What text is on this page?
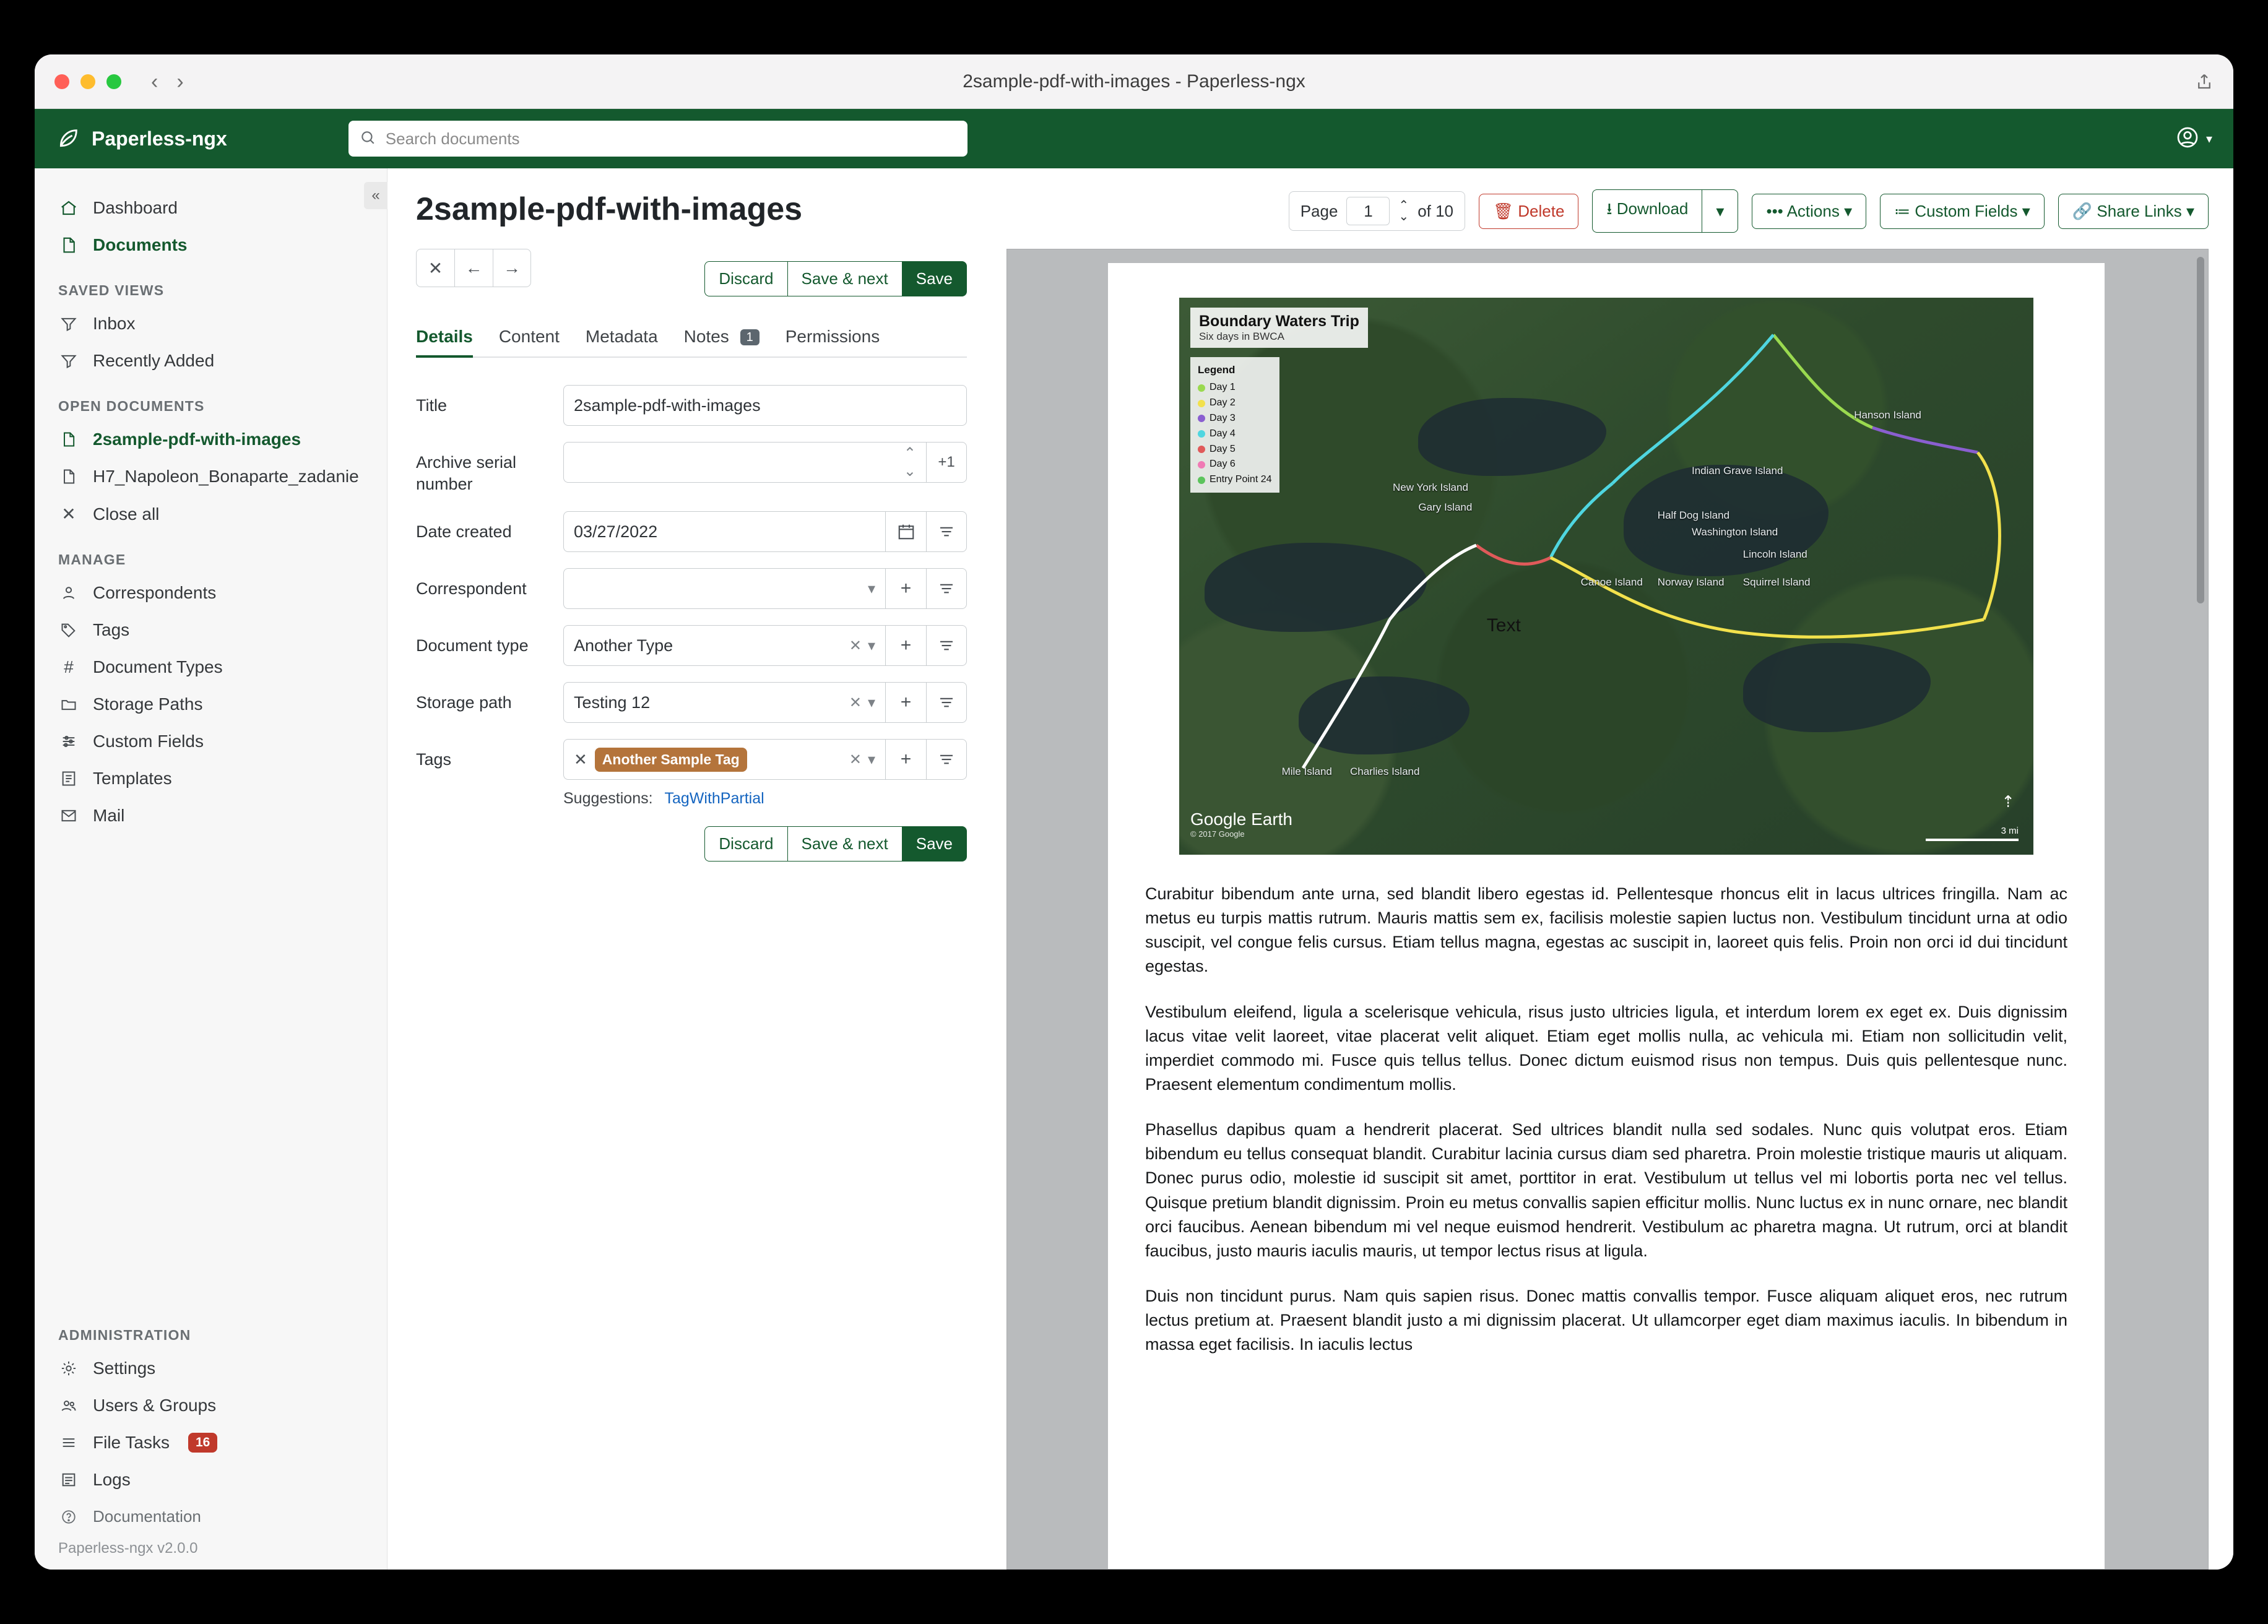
‹ ›	2sample-pdf-with-images - Paperless-ngx
Paperless-ngx
Search documents	▾
«
Dashboard
Documents
SAVED VIEWS
Inbox
Recently Added
OPEN DOCUMENTS
2sample-pdf-with-images
H7_Napoleon_Bonaparte_zadanie
✕ Close all
MANAGE
Correspondents
Tags
#	Document Types
Storage Paths
Custom Fields
Templates
Mail
ADMINISTRATION
Settings
Users & Groups
File Tasks	16
Logs
Documentation
Paperless-ngx v2.0.0
2sample-pdf-with-images
✕	←	→
Discard	Save & next	Save
Details Content Metadata Notes 1	Permissions
Title	2sample-pdf-with-images
Archive serial number
⌃
⌄
+1
Date created	03/27/2022
Correspondent	▾	+
Document type	Another Type	✕ ▾	+
Storage path	Testing 12	✕ ▾	+
Tags	✕	Another Sample Tag	✕ ▾	+
Suggestions: TagWithPartial
Discard	Save & next	Save
Page	1	⌃
⌄ of 10	🗑 Delete	⭳ Download	▾	••• Actions ▾	≔ Custom Fields ▾	🔗 Share Links ▾
Boundary Waters Trip
Six days in BWCA
Legend
Day 1
Day 2
Day 3
Day 4
Day 5
Day 6
Entry Point 24
Hanson Island
Indian Grave Island
New York Island
Gary Island
Half Dog Island
Washington Island
Lincoln Island
Canoe Island Norway Island Squirrel Island
Mile Island Charlies Island
Text
Google Earth
© 2017 Google
⇡
3 mi

Curabitur bibendum ante urna, sed blandit libero egestas id. Pellentesque rhoncus elit in lacus ultrices fringilla. Nam ac metus eu turpis mattis rutrum. Mauris mattis sem ex, facilisis molestie sapien luctus non. Vestibulum tincidunt urna at odio suscipit, vel congue felis cursus. Etiam tellus magna, egestas ac suscipit in, laoreet quis felis. Proin non orci id dui tincidunt egestas.

Vestibulum eleifend, ligula a scelerisque vehicula, risus justo ultricies ligula, et interdum lorem ex eget ex. Duis dignissim lacus vitae velit laoreet, vitae placerat velit aliquet. Etiam eget mollis nulla, ac vehicula mi. Etiam non sollicitudin velit, imperdiet commodo mi. Fusce quis tellus tellus. Donec dictum euismod risus non tempus. Duis quis pellentesque nunc. Praesent elementum condimentum mollis.

Phasellus dapibus quam a hendrerit placerat. Sed ultrices blandit nulla sed sodales. Nunc quis volutpat eros. Etiam bibendum eu tellus consequat blandit. Curabitur lacinia cursus diam sed pharetra. Proin molestie tristique mauris ut aliquam. Donec purus odio, molestie id suscipit sit amet, porttitor in erat. Vestibulum ut tellus vel mi lobortis porta nec vel tellus. Quisque pretium blandit dignissim. Proin eu metus convallis sapien efficitur mollis. Nunc luctus ex in nunc ornare, nec blandit orci faucibus. Aenean bibendum mi vel neque euismod hendrerit. Vestibulum ac pharetra magna. Ut rutrum, orci at blandit faucibus, justo mauris iaculis mauris, ut tempor lectus risus at ligula.

Duis non tincidunt purus. Nam quis sapien risus. Donec mattis convallis tempor. Fusce aliquam aliquet eros, nec rutrum lectus pretium at. Praesent blandit justo a mi dignissim placerat. Ut ullamcorper eget diam maximus iaculis. In bibendum in massa eget facilisis. In iaculis lectus
